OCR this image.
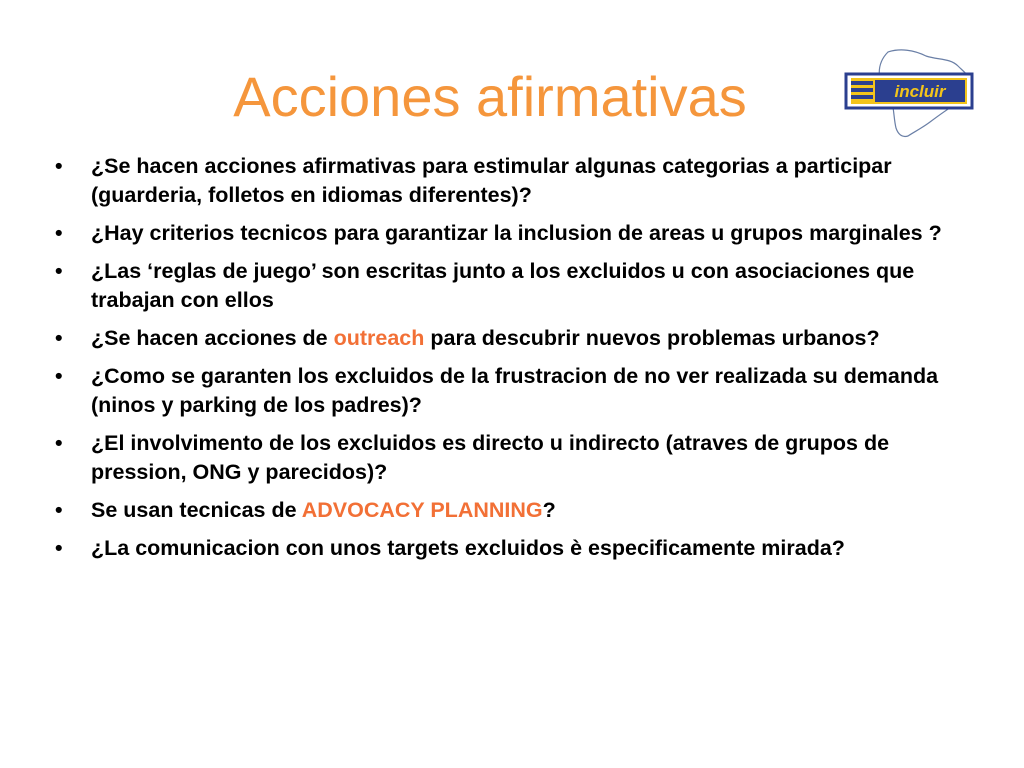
Acciones afirmativas	incluir
• ¿Se hacen acciones afirmativas para estimular algunas categorias a participar (guarderia, folletos en idiomas diferentes)?
• ¿Hay criterios tecnicos para garantizar la inclusion de areas u grupos marginales ?
• ¿Las ‘reglas de juego’ son escritas junto a los excluidos u con asociaciones que trabajan con ellos
• ¿Se hacen acciones de outreach para descubrir nuevos problemas urbanos?
• ¿Como se garanten los excluidos de la frustracion de no ver realizada su demanda (ninos y parking de los padres)?
• ¿El involvimento de los excluidos es directo u indirecto (atraves de grupos de pression, ONG y parecidos)?
• Se usan tecnicas de ADVOCACY PLANNING?
• ¿La comunicacion con unos targets excluidos è especificamente mirada?
